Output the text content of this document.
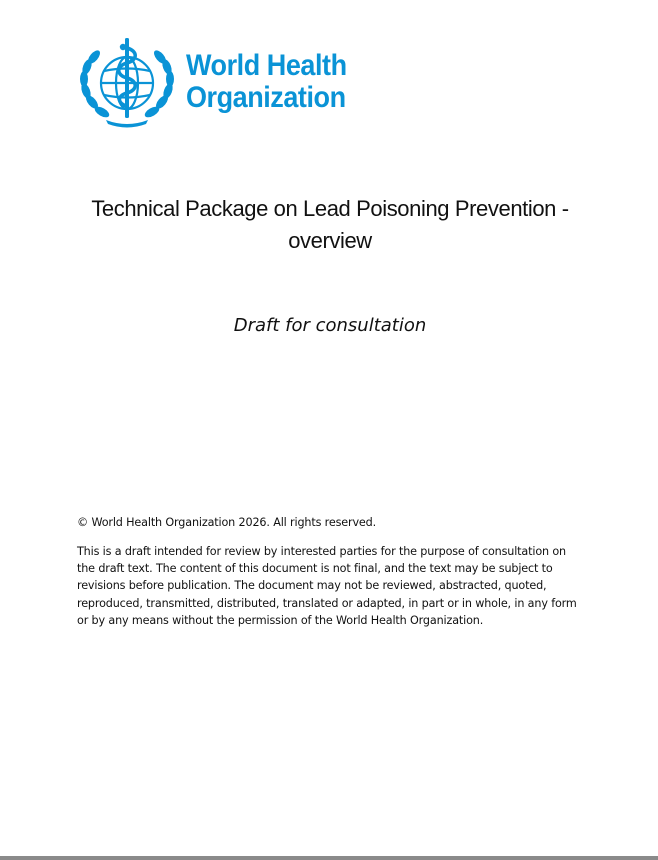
World Health
Organization
Technical Package on Lead Poisoning Prevention -
overview
Draft for consultation
© World Health Organization 2026. All rights reserved.
This is a draft intended for review by interested parties for the purpose of consultation on
the draft text. The content of this document is not final, and the text may be subject to
revisions before publication. The document may not be reviewed, abstracted, quoted,
reproduced, transmitted, distributed, translated or adapted, in part or in whole, in any form
or by any means without the permission of the World Health Organization.
